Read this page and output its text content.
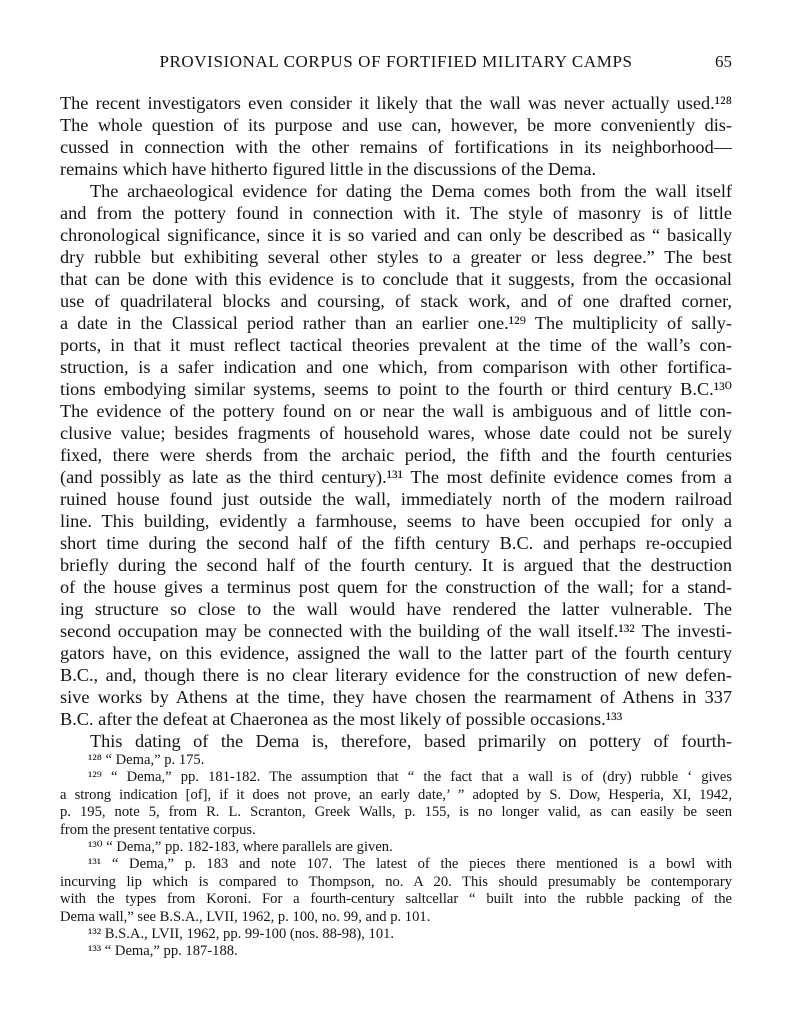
PROVISIONAL CORPUS OF FORTIFIED MILITARY CAMPS	65
The recent investigators even consider it likely that the wall was never actually used.¹²⁸
The whole question of its purpose and use can, however, be more conveniently dis-
cussed in connection with the other remains of fortifications in its neighborhood—
remains which have hitherto figured little in the discussions of the Dema.
The archaeological evidence for dating the Dema comes both from the wall itself
and from the pottery found in connection with it. The style of masonry is of little
chronological significance, since it is so varied and can only be described as “ basically
dry rubble but exhibiting several other styles to a greater or less degree.” The best
that can be done with this evidence is to conclude that it suggests, from the occasional
use of quadrilateral blocks and coursing, of stack work, and of one drafted corner,
a date in the Classical period rather than an earlier one.¹²⁹ The multiplicity of sally-
ports, in that it must reflect tactical theories prevalent at the time of the wall’s con-
struction, is a safer indication and one which, from comparison with other fortifica-
tions embodying similar systems, seems to point to the fourth or third century B.C.¹³⁰
The evidence of the pottery found on or near the wall is ambiguous and of little con-
clusive value; besides fragments of household wares, whose date could not be surely
fixed, there were sherds from the archaic period, the fifth and the fourth centuries
(and possibly as late as the third century).¹³¹ The most definite evidence comes from a
ruined house found just outside the wall, immediately north of the modern railroad
line. This building, evidently a farmhouse, seems to have been occupied for only a
short time during the second half of the fifth century B.C. and perhaps re-occupied
briefly during the second half of the fourth century. It is argued that the destruction
of the house gives a terminus post quem for the construction of the wall; for a stand-
ing structure so close to the wall would have rendered the latter vulnerable. The
second occupation may be connected with the building of the wall itself.¹³² The investi-
gators have, on this evidence, assigned the wall to the latter part of the fourth century
B.C., and, though there is no clear literary evidence for the construction of new defen-
sive works by Athens at the time, they have chosen the rearmament of Athens in 337
B.C. after the defeat at Chaeronea as the most likely of possible occasions.¹³³
This dating of the Dema is, therefore, based primarily on pottery of fourth-
¹²⁸ “ Dema,” p. 175.
¹²⁹ “ Dema,” pp. 181-182. The assumption that “ the fact that a wall is of (dry) rubble ‘ gives
a strong indication [of], if it does not prove, an early date,’ ” adopted by S. Dow, Hesperia, XI, 1942,
p. 195, note 5, from R. L. Scranton, Greek Walls, p. 155, is no longer valid, as can easily be seen
from the present tentative corpus.
¹³⁰ “ Dema,” pp. 182-183, where parallels are given.
¹³¹ “ Dema,” p. 183 and note 107. The latest of the pieces there mentioned is a bowl with
incurving lip which is compared to Thompson, no. A 20. This should presumably be contemporary
with the types from Koroni. For a fourth-century saltcellar “ built into the rubble packing of the
Dema wall,” see B.S.A., LVII, 1962, p. 100, no. 99, and p. 101.
¹³² B.S.A., LVII, 1962, pp. 99-100 (nos. 88-98), 101.
¹³³ “ Dema,” pp. 187-188.
